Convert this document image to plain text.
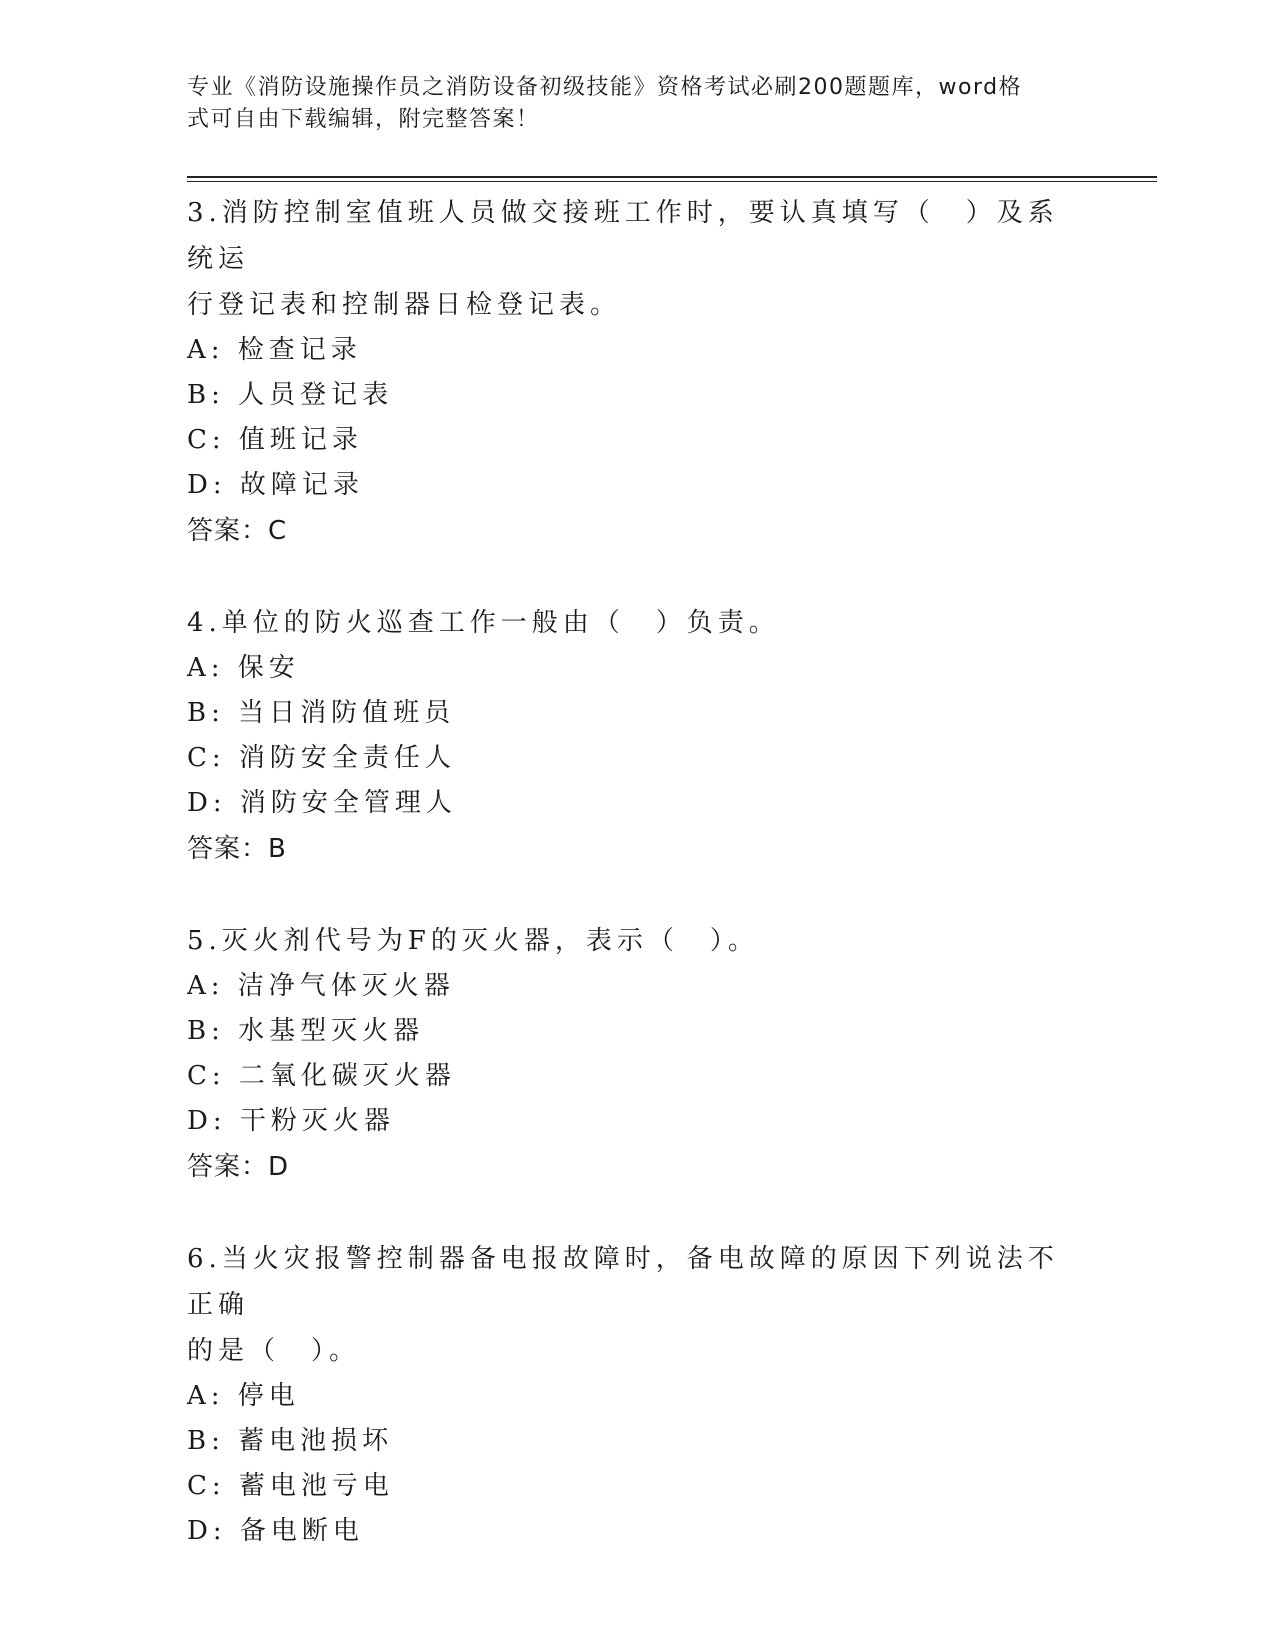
专业《消防设施操作员之消防设备初级技能》资格考试必刷200题题库，word格
式可自由下载编辑，附完整答案！

3.消防控制室值班人员做交接班工作时，要认真填写（　）及系统运

行登记表和控制器日检登记表。

A: 检查记录

B: 人员登记表

C: 值班记录

D: 故障记录

答案：C

4.单位的防火巡查工作一般由（　）负责。

A: 保安

B: 当日消防值班员

C: 消防安全责任人

D: 消防安全管理人

答案：B

5.灭火剂代号为F的灭火器，表示（　）。

A: 洁净气体灭火器

B: 水基型灭火器

C: 二氧化碳灭火器

D: 干粉灭火器

答案：D

6.当火灾报警控制器备电报故障时，备电故障的原因下列说法不正确

的是（　）。

A: 停电

B: 蓄电池损坏

C: 蓄电池亏电

D: 备电断电
